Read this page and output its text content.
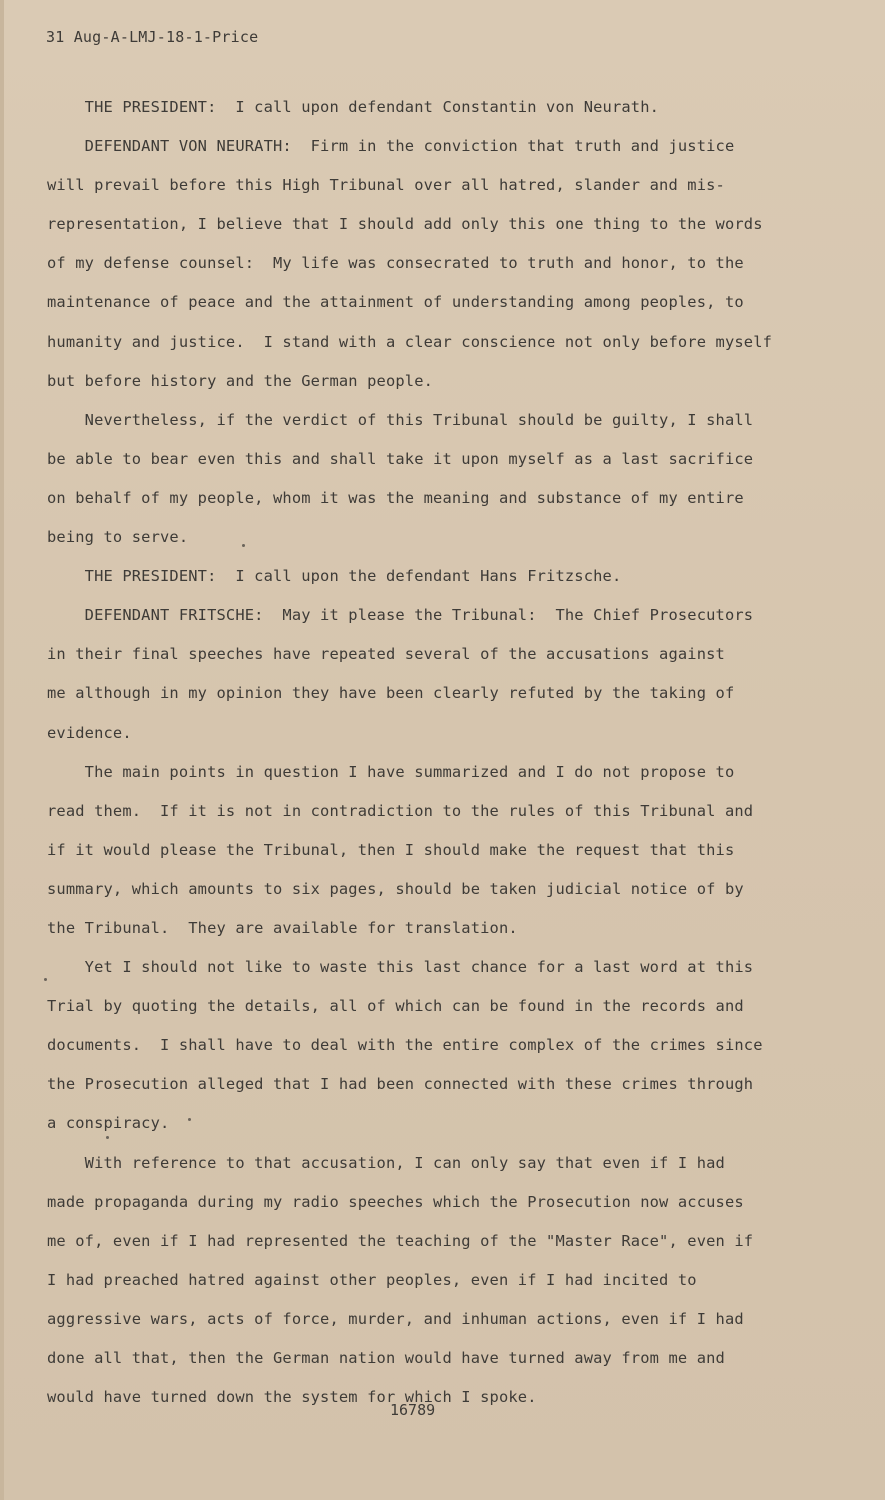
31 Aug-A-LMJ-18-1-Price
THE PRESIDENT:  I call upon defendant Constantin von Neurath.
DEFENDANT VON NEURATH:  Firm in the conviction that truth and justice
will prevail before this High Tribunal over all hatred, slander and mis-
representation, I believe that I should add only this one thing to the words
of my defense counsel:  My life was consecrated to truth and honor, to the
maintenance of peace and the attainment of understanding among peoples, to
humanity and justice.  I stand with a clear conscience not only before myself
but before history and the German people.
Nevertheless, if the verdict of this Tribunal should be guilty, I shall
be able to bear even this and shall take it upon myself as a last sacrifice
on behalf of my people, whom it was the meaning and substance of my entire
being to serve.
THE PRESIDENT:  I call upon the defendant Hans Fritzsche.
DEFENDANT FRITSCHE:  May it please the Tribunal:  The Chief Prosecutors
in their final speeches have repeated several of the accusations against
me although in my opinion they have been clearly refuted by the taking of
evidence.
The main points in question I have summarized and I do not propose to
read them.  If it is not in contradiction to the rules of this Tribunal and
if it would please the Tribunal, then I should make the request that this
summary, which amounts to six pages, should be taken judicial notice of by
the Tribunal.  They are available for translation.
Yet I should not like to waste this last chance for a last word at this
Trial by quoting the details, all of which can be found in the records and
documents.  I shall have to deal with the entire complex of the crimes since
the Prosecution alleged that I had been connected with these crimes through
a conspiracy.
With reference to that accusation, I can only say that even if I had
made propaganda during my radio speeches which the Prosecution now accuses
me of, even if I had represented the teaching of the "Master Race", even if
I had preached hatred against other peoples, even if I had incited to
aggressive wars, acts of force, murder, and inhuman actions, even if I had
done all that, then the German nation would have turned away from me and
would have turned down the system for which I spoke.
16789
